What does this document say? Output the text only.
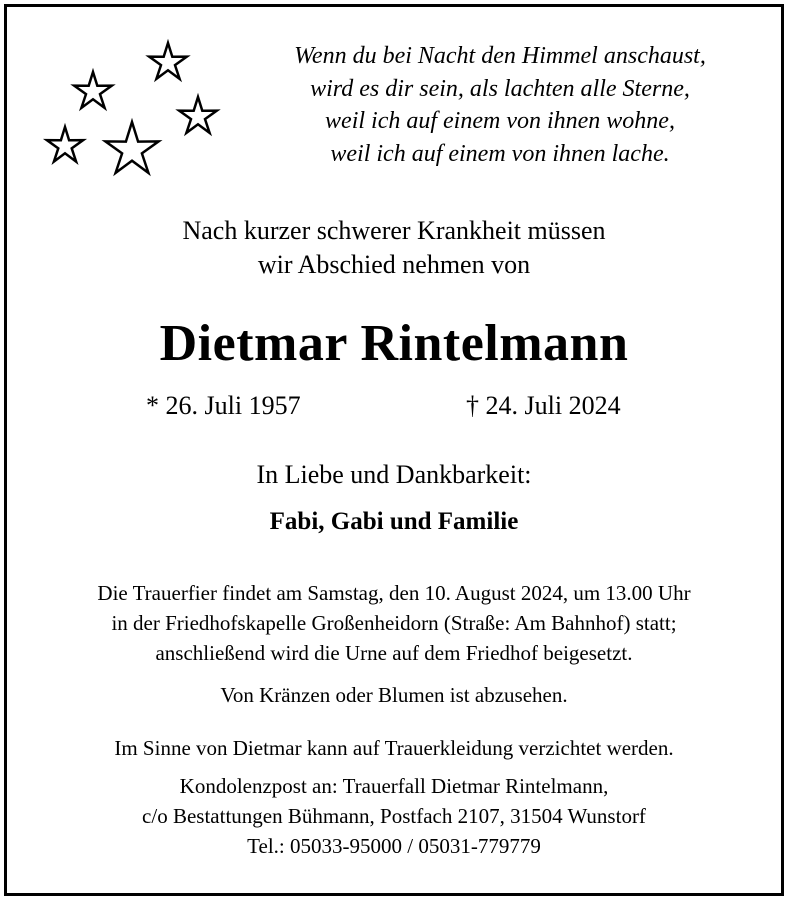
Wenn du bei Nacht den Himmel anschaust,
wird es dir sein, als lachten alle Sterne,
weil ich auf einem von ihnen wohne,
weil ich auf einem von ihnen lache.
Nach kurzer schwerer Krankheit müssen
wir Abschied nehmen von
Dietmar Rintelmann
* 26. Juli 1957	† 24. Juli 2024
In Liebe und Dankbarkeit:
Fabi, Gabi und Familie
Die Trauerfier findet am Samstag, den 10. August 2024, um 13.00 Uhr
in der Friedhofskapelle Großenheidorn (Straße: Am Bahnhof) statt;
anschließend wird die Urne auf dem Friedhof beigesetzt.
Von Kränzen oder Blumen ist abzusehen.
Im Sinne von Dietmar kann auf Trauerkleidung verzichtet werden.
Kondolenzpost an: Trauerfall Dietmar Rintelmann,
c/o Bestattungen Bühmann, Postfach 2107, 31504 Wunstorf
Tel.: 05033-95000 / 05031-779779
